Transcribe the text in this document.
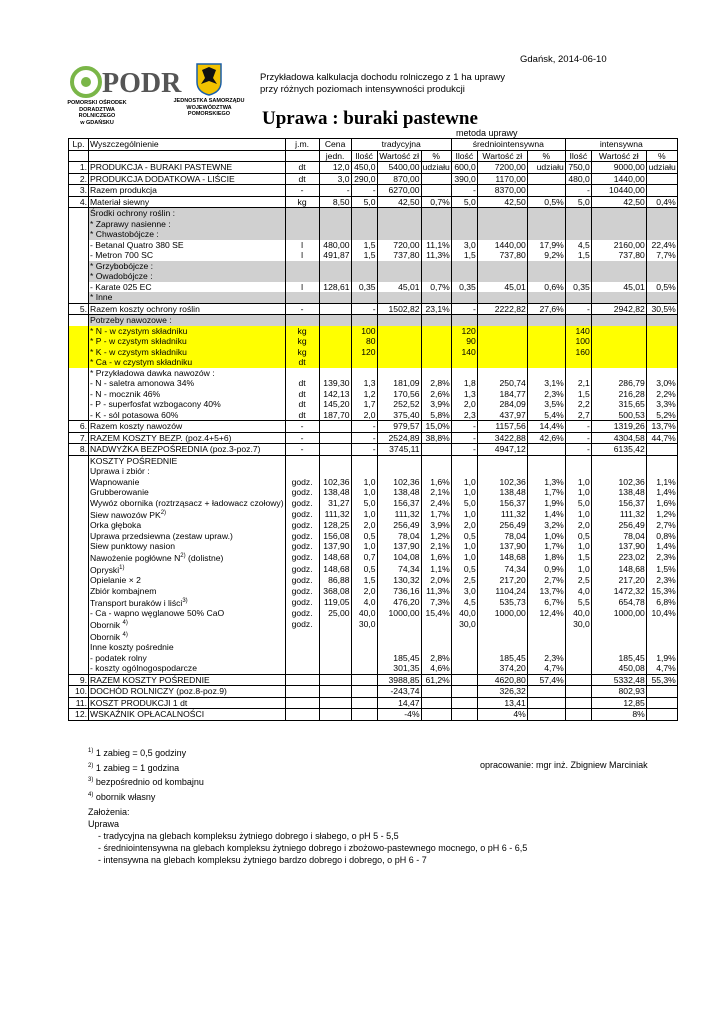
Gdańsk, 2014-06-10
PODR
POMORSKI OŚRODEK
DORADZTWA ROLNICZEGO
w GDAŃSKU
JEDNOSTKA SAMORZĄDU
WOJEWÓDZTWA POMORSKIEGO
Przykładowa kalkulacja dochodu rolniczego z 1 ha uprawy
przy różnych poziomach intensywności produkcji
Uprawa : buraki pastewne
metoda uprawy
Lp.	Wyszczególnienie	j.m.	Cena	tradycyjna			średniointensywna			intensywna		
			jedn.	Ilość	Wartość zł	%	Ilość	Wartość zł	%	Ilość	Wartość zł	%
1.	PRODUKCJA - BURAKI PASTEWNE	dt	12,0	450,0	5400,00	udziału	600,0	7200,00	udziału	750,0	9000,00	udziału
2.	PRODUKCJA DODATKOWA - LIŚCIE	dt	3,0	290,0	870,00		390,0	1170,00		480,0	1440,00	
3.	Razem produkcja	-	-	-	6270,00		-	8370,00		-	10440,00	
4.	Materiał siewny	kg	8,50	5,0	42,50	0,7%	5,0	42,50	0,5%	5,0	42,50	0,4%
	Środki ochrony roślin :											
	* Zaprawy nasienne :											
	* Chwastobójcze :											
	- Betanal Quatro 380 SE	l	480,00	1,5	720,00	11,1%	3,0	1440,00	17,9%	4,5	2160,00	22,4%
	- Metron 700 SC	l	491,87	1,5	737,80	11,3%	1,5	737,80	9,2%	1,5	737,80	7,7%
	* Grzybobójcze :											
	* Owadobójcze :											
	- Karate 025 EC	l	128,61	0,35	45,01	0,7%	0,35	45,01	0,6%	0,35	45,01	0,5%
	* Inne											
5.	Razem koszty ochrony roślin	-		-	1502,82	23,1%	-	2222,82	27,6%	-	2942,82	30,5%
	Potrzeby nawozowe :											
	* N - w czystym składniku	kg		100			120			140		
	* P - w czystym składniku	kg		80			90			100		
	* K - w czystym składniku	kg		120			140			160		
	* Ca - w czystym składniku	dt										
	* Przykładowa dawka nawozów :											
	- N - saletra amonowa 34%	dt	139,30	1,3	181,09	2,8%	1,8	250,74	3,1%	2,1	286,79	3,0%
	- N - mocznik 46%	dt	142,13	1,2	170,56	2,6%	1,3	184,77	2,3%	1,5	216,28	2,2%
	- P - superfosfat wzbogacony 40%	dt	145,20	1,7	252,52	3,9%	2,0	284,09	3,5%	2,2	315,65	3,3%
	- K - sól potasowa 60%	dt	187,70	2,0	375,40	5,8%	2,3	437,97	5,4%	2,7	500,53	5,2%
6.	Razem koszty nawozów	-		-	979,57	15,0%	-	1157,56	14,4%	-	1319,26	13,7%
7.	RAZEM KOSZTY BEZP. (poz.4+5+6)	-		-	2524,89	38,8%	-	3422,88	42,6%	-	4304,58	44,7%
8.	NADWYŻKA BEZPOŚREDNIA (poz.3-poz.7)	-		-	3745,11		-	4947,12		-	6135,42	
	KOSZTY POŚREDNIE											
	Uprawa i zbiór :											
	Wapnowanie	godz.	102,36	1,0	102,36	1,6%	1,0	102,36	1,3%	1,0	102,36	1,1%
	Grubberowanie	godz.	138,48	1,0	138,48	2,1%	1,0	138,48	1,7%	1,0	138,48	1,4%
	Wywóz obornika (roztrząsacz + ładowacz czołowy)	godz.	31,27	5,0	156,37	2,4%	5,0	156,37	1,9%	5,0	156,37	1,6%
	Siew nawozów PK$^{2)}$	godz.	111,32	1,0	111,32	1,7%	1,0	111,32	1,4%	1,0	111,32	1,2%
	Orka głęboka	godz.	128,25	2,0	256,49	3,9%	2,0	256,49	3,2%	2,0	256,49	2,7%
	Uprawa przedsiewna (zestaw upraw.)	godz.	156,08	0,5	78,04	1,2%	0,5	78,04	1,0%	0,5	78,04	0,8%
	Siew punktowy nasion	godz.	137,90	1,0	137,90	2,1%	1,0	137,90	1,7%	1,0	137,90	1,4%
	Nawożenie pogłówne $N^{2)}$ (dolistne)	godz.	148,68	0,7	104,08	1,6%	1,0	148,68	1,8%	1,5	223,02	2,3%
	Opryski$^{1)}$	godz.	148,68	0,5	74,34	1,1%	0,5	74,34	0,9%	1,0	148,68	1,5%
	Opielanie × 2	godz.	86,88	1,5	130,32	2,0%	2,5	217,20	2,7%	2,5	217,20	2,3%
	Zbiór kombajnem	godz.	368,08	2,0	736,16	11,3%	3,0	1104,24	13,7%	4,0	1472,32	15,3%
	Transport buraków i liści$^{3)}$	godz.	119,05	4,0	476,20	7,3%	4,5	535,73	6,7%	5,5	654,78	6,8%
	- Ca - wapno węglanowe 50% CaO	godz.	25,00	40,0	1000,00	15,4%	40,0	1000,00	12,4%	40,0	1000,00	10,4%
	Obornik $^{4)}$	godz.		30,0			30,0			30,0		
	Obornik $^{4)}$											
	Inne koszty pośrednie											
	- podatek rolny				185,45	2,8%		185,45	2,3%		185,45	1,9%
	- koszty ogólnogospodarcze				301,35	4,6%		374,20	4,7%		450,08	4,7%
9.	RAZEM KOSZTY POŚREDNIE				3988,85	61,2%		4620,80	57,4%		5332,48	55,3%
10.	DOCHÓD ROLNICZY (poz.8-poz.9)				-243,74			326,32			802,93	
11.	KOSZT PRODUKCJI 1 dt				14,47			13,41			12,85	
12.	WSKAŹNIK OPŁACALNOŚCI				-4%			4%			8%	
$^{1)}$ 1 zabieg = 0,5 godziny
$^{2)}$ 1 zabieg = 1 godzina
$^{3)}$ bezpośrednio od kombajnu
$^{4)}$ obornik własny
opracowanie: mgr inż. Zbigniew Marciniak
Założenia:
Uprawa
- tradycyjna na glebach kompleksu żytniego dobrego i słabego, o pH 5 - 5,5
- średniointensywna na glebach kompleksu żytniego dobrego i zbożowo-pastewnego mocnego, o pH 6 - 6,5
- intensywna na glebach kompleksu żytniego bardzo dobrego i dobrego, o pH 6 - 7
